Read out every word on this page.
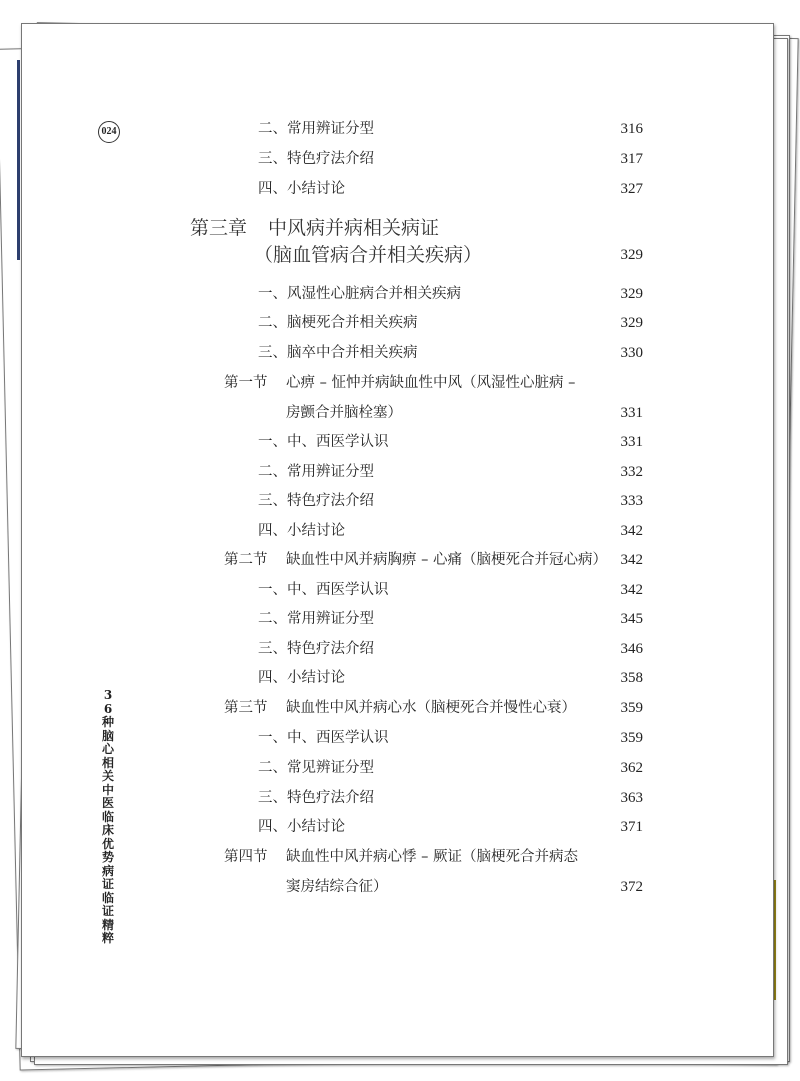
024
36种脑心相关中医临床优势病证临证精粹
二、常用辨证分型	316
三、特色疗法介绍	317
四、小结讨论	327
第三章 中风病并病相关病证
（脑血管病合并相关疾病）	329
一、风湿性心脏病合并相关疾病	329
二、脑梗死合并相关疾病	329
三、脑卒中合并相关疾病	330
第一节 心痹 – 怔忡并病缺血性中风（风湿性心脏病 –
房颤合并脑栓塞）	331
一、中、西医学认识	331
二、常用辨证分型	332
三、特色疗法介绍	333
四、小结讨论	342
第二节 缺血性中风并病胸痹 – 心痛（脑梗死合并冠心病） 342
一、中、西医学认识	342
二、常用辨证分型	345
三、特色疗法介绍	346
四、小结讨论	358
第三节 缺血性中风并病心水（脑梗死合并慢性心衰）	359
一、中、西医学认识	359
二、常见辨证分型	362
三、特色疗法介绍	363
四、小结讨论	371
第四节 缺血性中风并病心悸 – 厥证（脑梗死合并病态
窦房结综合征）	372
